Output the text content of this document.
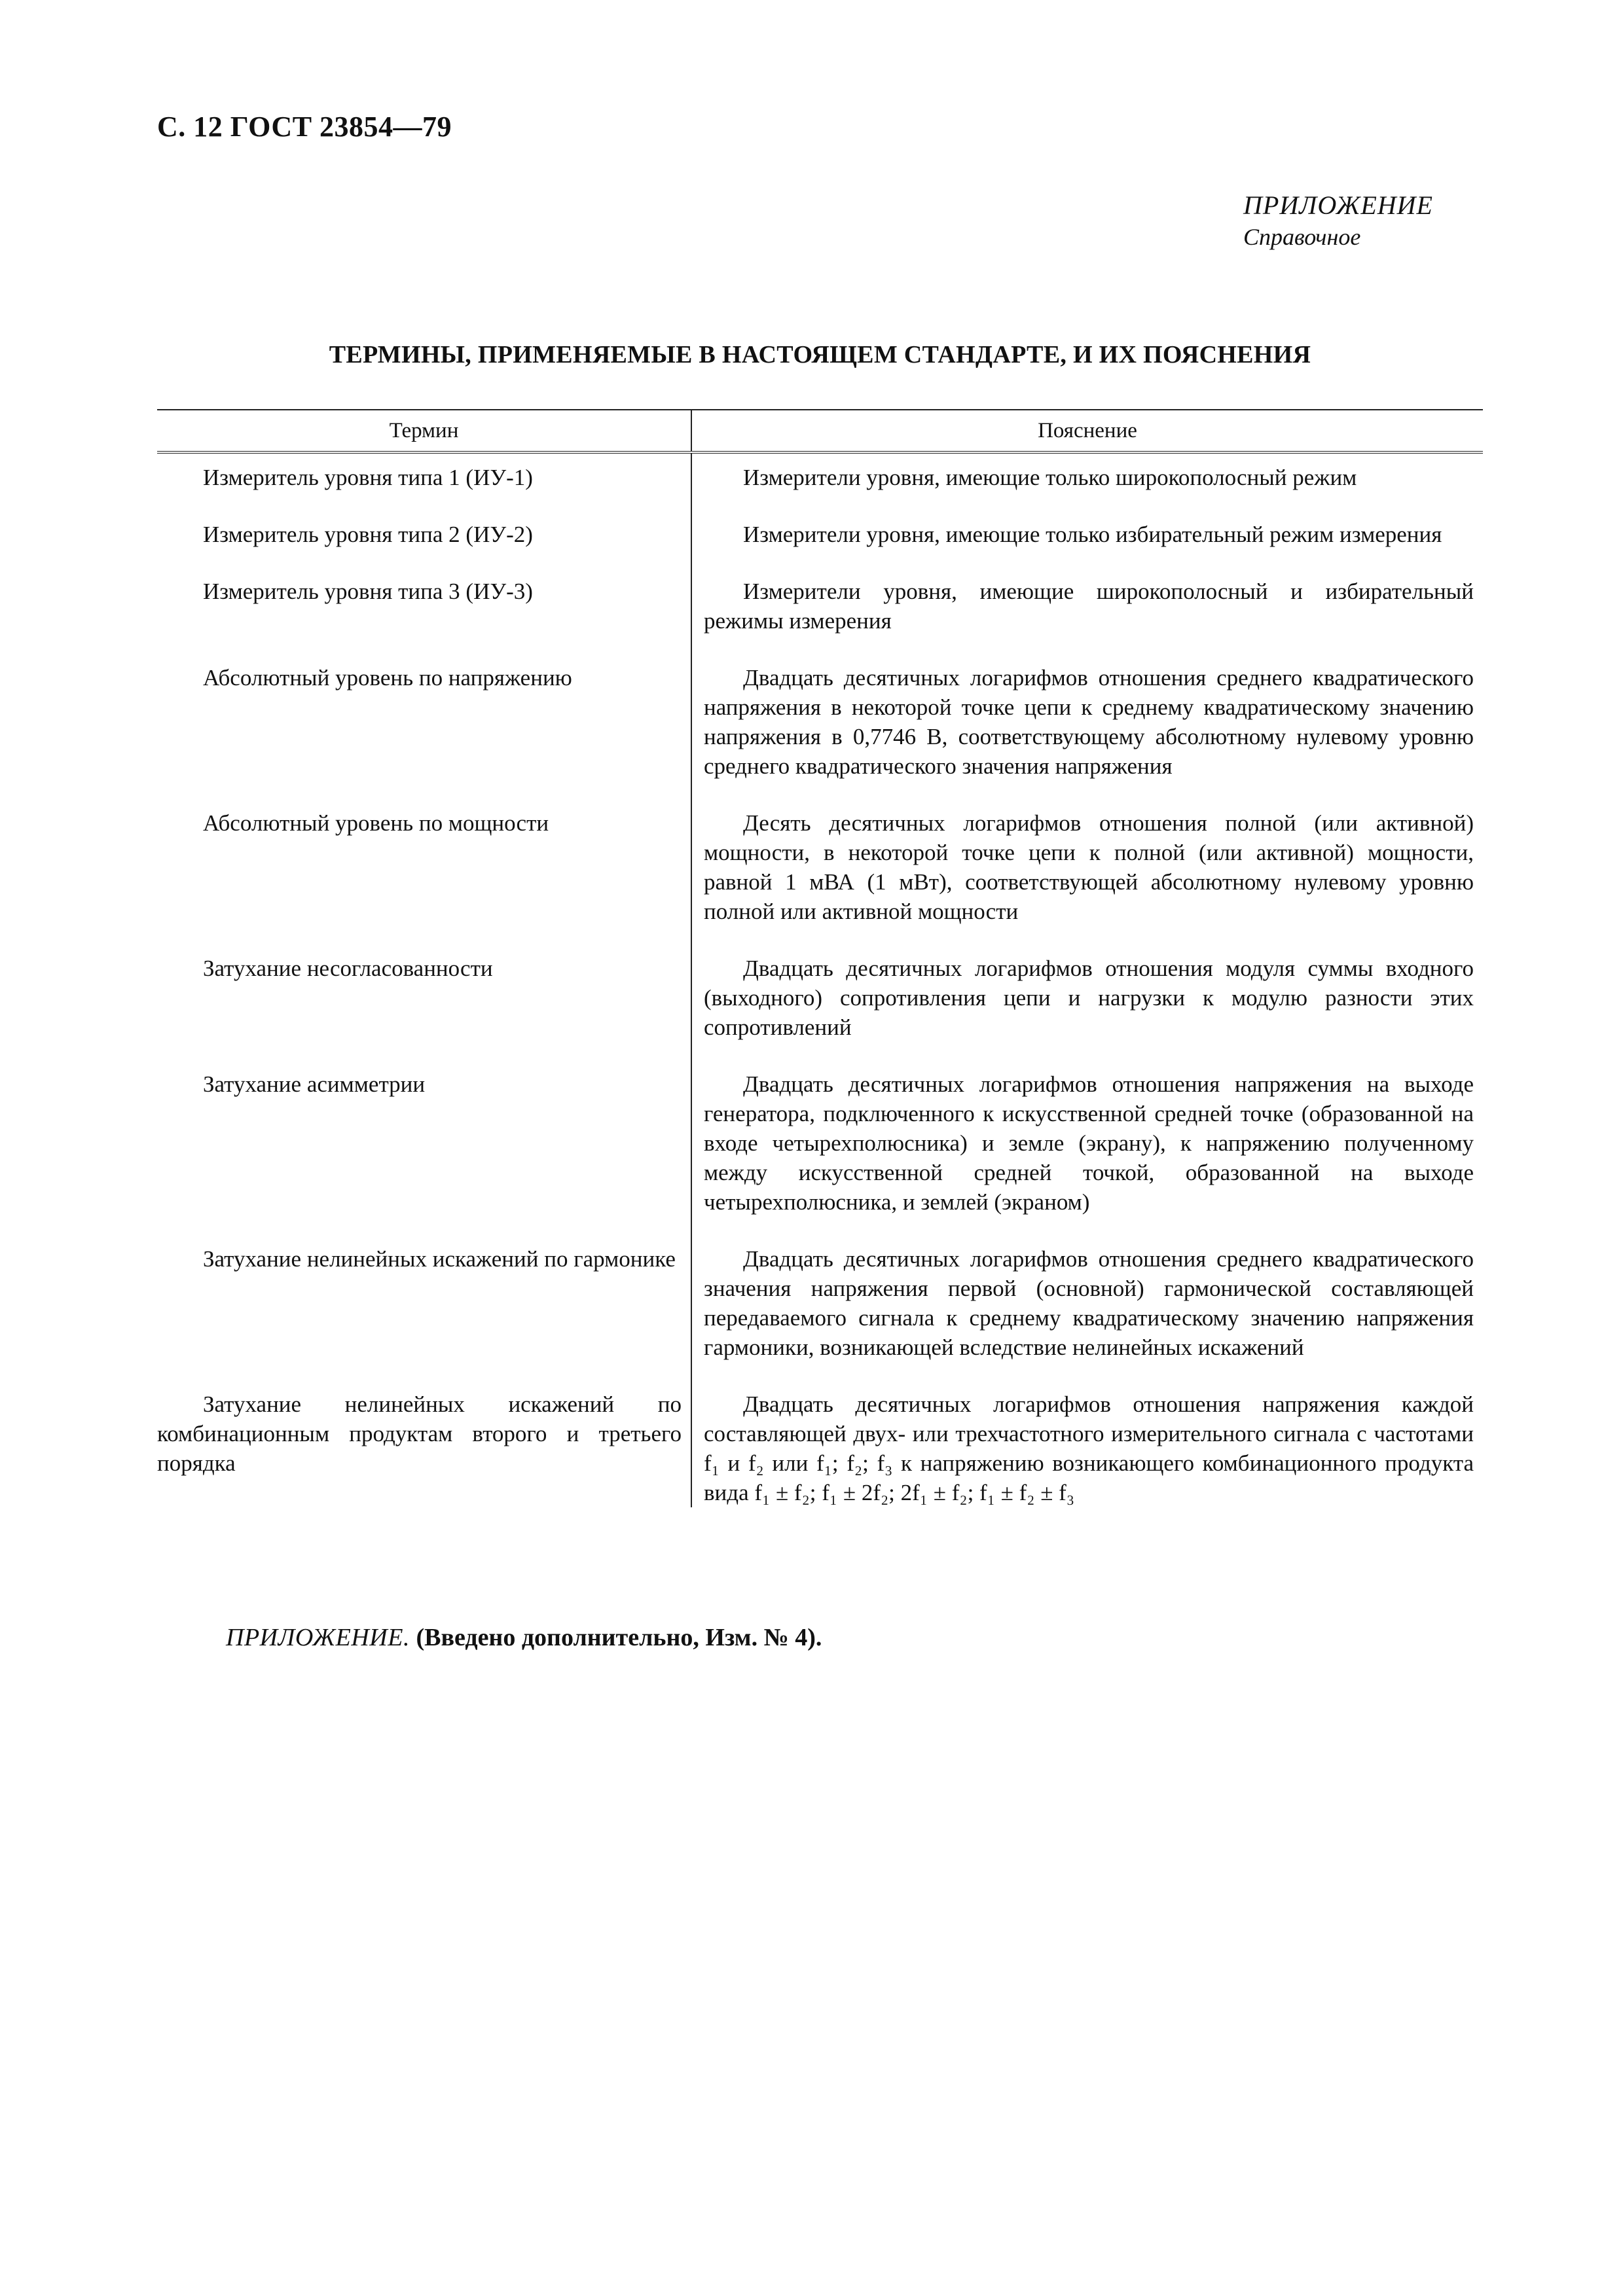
С. 12 ГОСТ 23854—79
ПРИЛОЖЕНИЕ
Справочное
ТЕРМИНЫ, ПРИМЕНЯЕМЫЕ В НАСТОЯЩЕМ СТАНДАРТЕ, И ИХ ПОЯСНЕНИЯ
Термин	Пояснение
Измеритель уровня типа 1 (ИУ-1)	Измерители уровня, имеющие только широкополосный режим
Измеритель уровня типа 2 (ИУ-2)	Измерители уровня, имеющие только избирательный режим измерения
Измеритель уровня типа 3 (ИУ-3)	Измерители уровня, имеющие широкополосный и избирательный режимы измерения
Абсолютный уровень по напряжению	Двадцать десятичных логарифмов отношения среднего квадратического напряжения в некоторой точке цепи к среднему квадратическому значению напряжения в 0,7746 В, соответствующему абсолютному нулевому уровню среднего квадратического значения напряжения
Абсолютный уровень по мощности	Десять десятичных логарифмов отношения полной (или активной) мощности, в некоторой точке цепи к полной (или активной) мощности, равной 1 мВА (1 мВт), соответствующей абсолютному нулевому уровню полной или активной мощности
Затухание несогласованности	Двадцать десятичных логарифмов отношения модуля суммы входного (выходного) сопротивления цепи и нагрузки к модулю разности этих сопротивлений
Затухание асимметрии	Двадцать десятичных логарифмов отношения напряжения на выходе генератора, подключенного к искусственной средней точке (образованной на входе четырехполюсника) и земле (экрану), к напряжению полученному между искусственной средней точкой, образованной на выходе четырехполюсника, и землей (экраном)
Затухание нелинейных искажений по гармонике	Двадцать десятичных логарифмов отношения среднего квадратического значения напряжения первой (основной) гармонической составляющей передаваемого сигнала к среднему квадратическому значению напряжения гармоники, возникающей вследствие нелинейных искажений
Затухание нелинейных искажений по комбинационным продуктам второго и третьего порядка	Двадцать десятичных логарифмов отношения напряжения каждой составляющей двух- или трехчастотного измерительного сигнала с частотами f₁ и f₂ или f₁; f₂; f₃ к напряжению возникающего комбинационного продукта вида f₁ ± f₂; f₁ ± 2f₂; 2f₁ ± f₂; f₁ ± f₂ ± f₃
ПРИЛОЖЕНИЕ. (Введено дополнительно, Изм. № 4).
